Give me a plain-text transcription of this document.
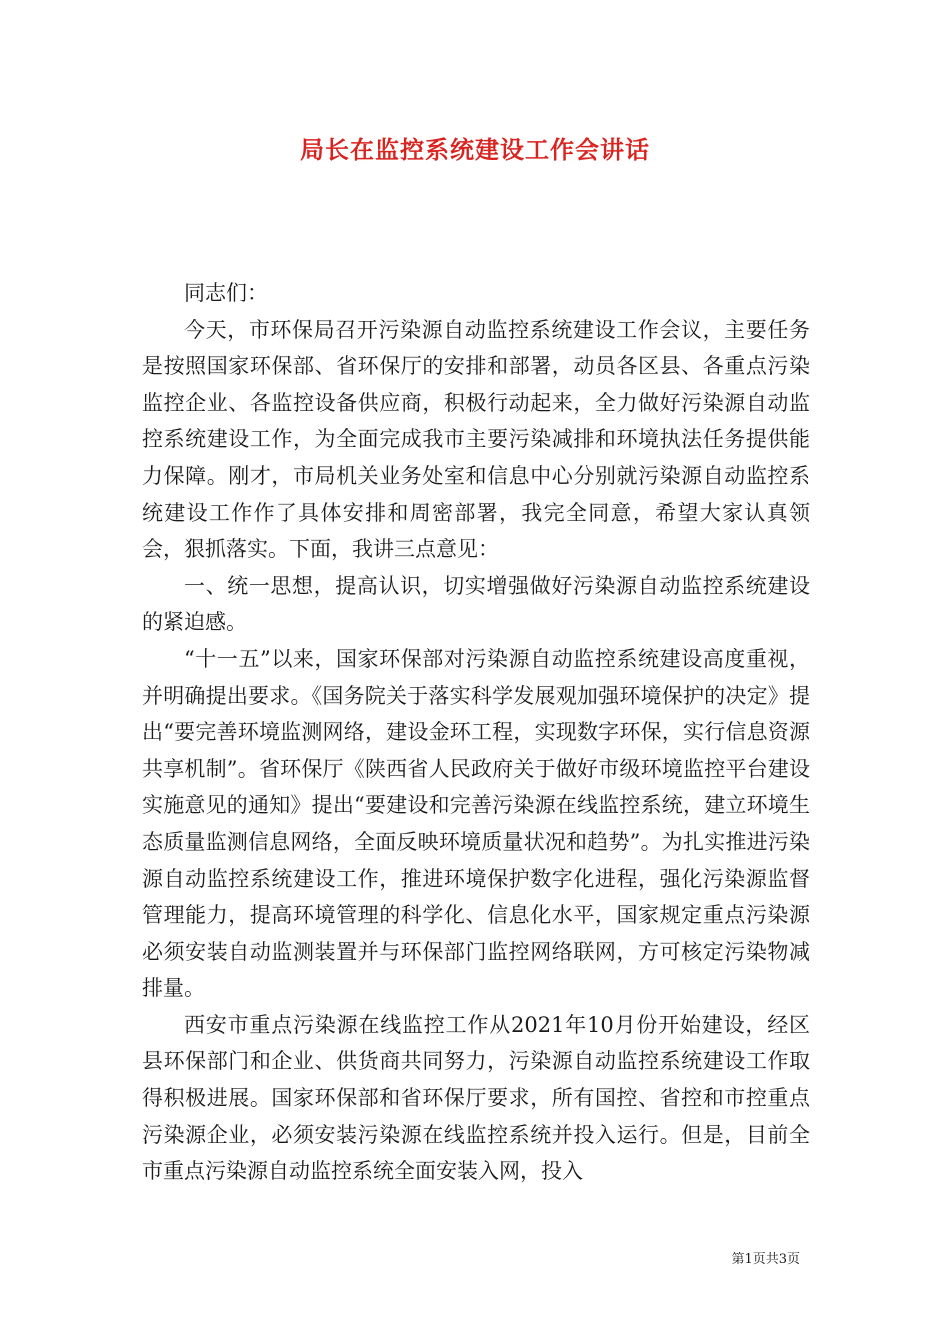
局长在监控系统建设工作会讲话

同志们：

今天，市环保局召开污染源自动监控系统建设工作会议，主要任务是按照国家环保部、省环保厅的安排和部署，动员各区县、各重点污染监控企业、各监控设备供应商，积极行动起来，全力做好污染源自动监控系统建设工作，为全面完成我市主要污染减排和环境执法任务提供能力保障。刚才，市局机关业务处室和信息中心分别就污染源自动监控系统建设工作作了具体安排和周密部署，我完全同意，希望大家认真领会，狠抓落实。下面，我讲三点意见：

一、统一思想，提高认识，切实增强做好污染源自动监控系统建设的紧迫感。

“十一五”以来，国家环保部对污染源自动监控系统建设高度重视，并明确提出要求。《国务院关于落实科学发展观加强环境保护的决定》提出“要完善环境监测网络，建设金环工程，实现数字环保，实行信息资源共享机制”。省环保厅《陕西省人民政府关于做好市级环境监控平台建设实施意见的通知》提出“要建设和完善污染源在线监控系统，建立环境生态质量监测信息网络，全面反映环境质量状况和趋势”。为扎实推进污染源自动监控系统建设工作，推进环境保护数字化进程，强化污染源监督管理能力，提高环境管理的科学化、信息化水平，国家规定重点污染源必须安装自动监测装置并与环保部门监控网络联网，方可核定污染物减排量。

西安市重点污染源在线监控工作从2021年10月份开始建设，经区县环保部门和企业、供货商共同努力，污染源自动监控系统建设工作取得积极进展。国家环保部和省环保厅要求，所有国控、省控和市控重点污染源企业，必须安装污染源在线监控系统并投入运行。但是，目前全市重点污染源自动监控系统全面安装入网，投入

第1页共3页
